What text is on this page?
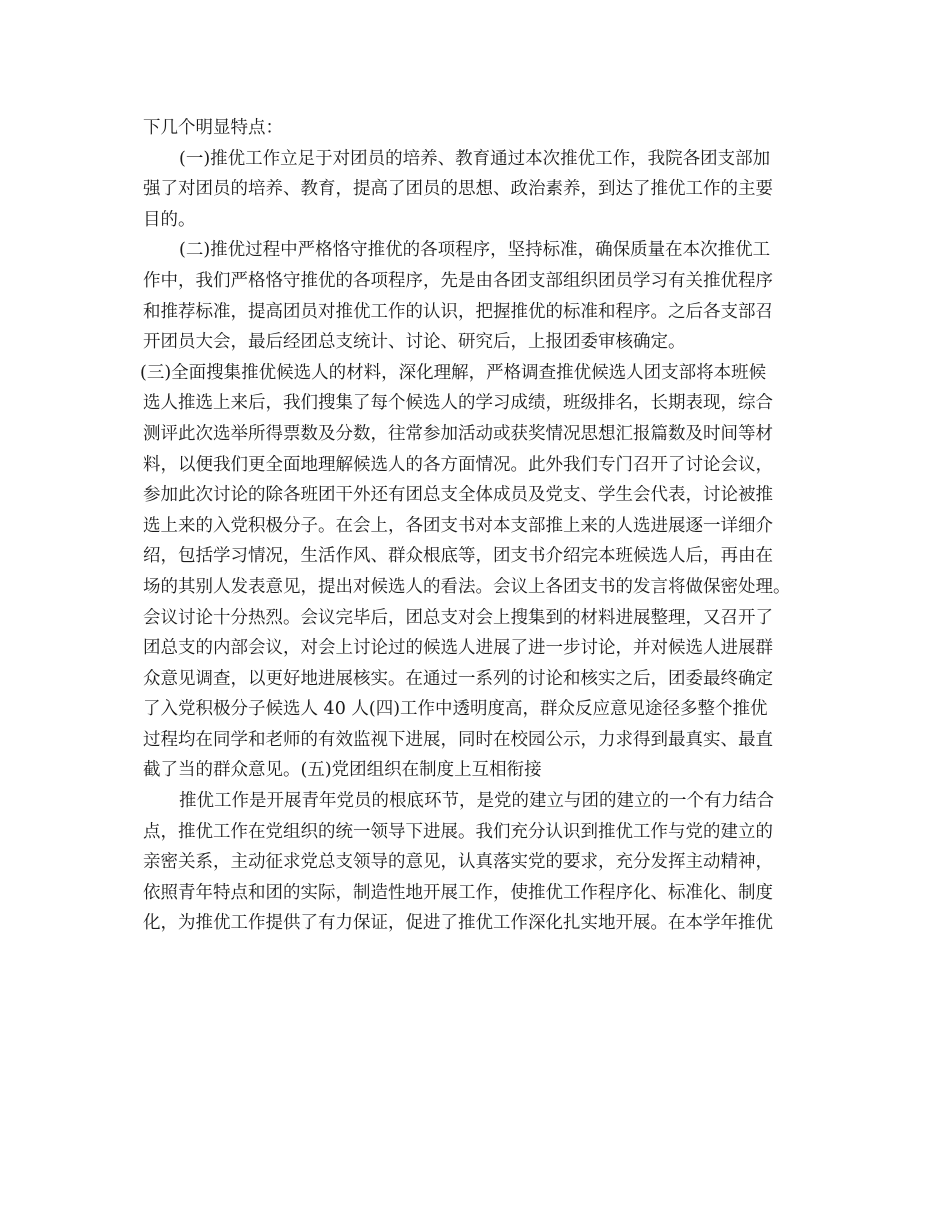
下几个明显特点：
(一)推优工作立足于对团员的培养、教育通过本次推优工作，我院各团支部加
强了对团员的培养、教育，提高了团员的思想、政治素养，到达了推优工作的主要
目的。
(二)推优过程中严格恪守推优的各项程序，坚持标准，确保质量在本次推优工
作中，我们严格恪守推优的各项程序，先是由各团支部组织团员学习有关推优程序
和推荐标准，提高团员对推优工作的认识，把握推优的标准和程序。之后各支部召
开团员大会，最后经团总支统计、讨论、研究后，上报团委审核确定。
(三)全面搜集推优候选人的材料，深化理解，严格调查推优候选人团支部将本班候
选人推选上来后，我们搜集了每个候选人的学习成绩，班级排名，长期表现，综合
测评此次选举所得票数及分数，往常参加活动或获奖情况思想汇报篇数及时间等材
料，以便我们更全面地理解候选人的各方面情况。此外我们专门召开了讨论会议，
参加此次讨论的除各班团干外还有团总支全体成员及党支、学生会代表，讨论被推
选上来的入党积极分子。在会上，各团支书对本支部推上来的人选进展逐一详细介
绍，包括学习情况，生活作风、群众根底等，团支书介绍完本班候选人后，再由在
场的其别人发表意见，提出对候选人的看法。会议上各团支书的发言将做保密处理。
会议讨论十分热烈。会议完毕后，团总支对会上搜集到的材料进展整理，又召开了
团总支的内部会议，对会上讨论过的候选人进展了进一步讨论，并对候选人进展群
众意见调查，以更好地进展核实。在通过一系列的讨论和核实之后，团委最终确定
了入党积极分子候选人 40 人(四)工作中透明度高，群众反应意见途径多整个推优
过程均在同学和老师的有效监视下进展，同时在校园公示，力求得到最真实、最直
截了当的群众意见。(五)党团组织在制度上互相衔接
推优工作是开展青年党员的根底环节，是党的建立与团的建立的一个有力结合
点，推优工作在党组织的统一领导下进展。我们充分认识到推优工作与党的建立的
亲密关系，主动征求党总支领导的意见，认真落实党的要求，充分发挥主动精神，
依照青年特点和团的实际，制造性地开展工作，使推优工作程序化、标准化、制度
化，为推优工作提供了有力保证，促进了推优工作深化扎实地开展。在本学年推优
